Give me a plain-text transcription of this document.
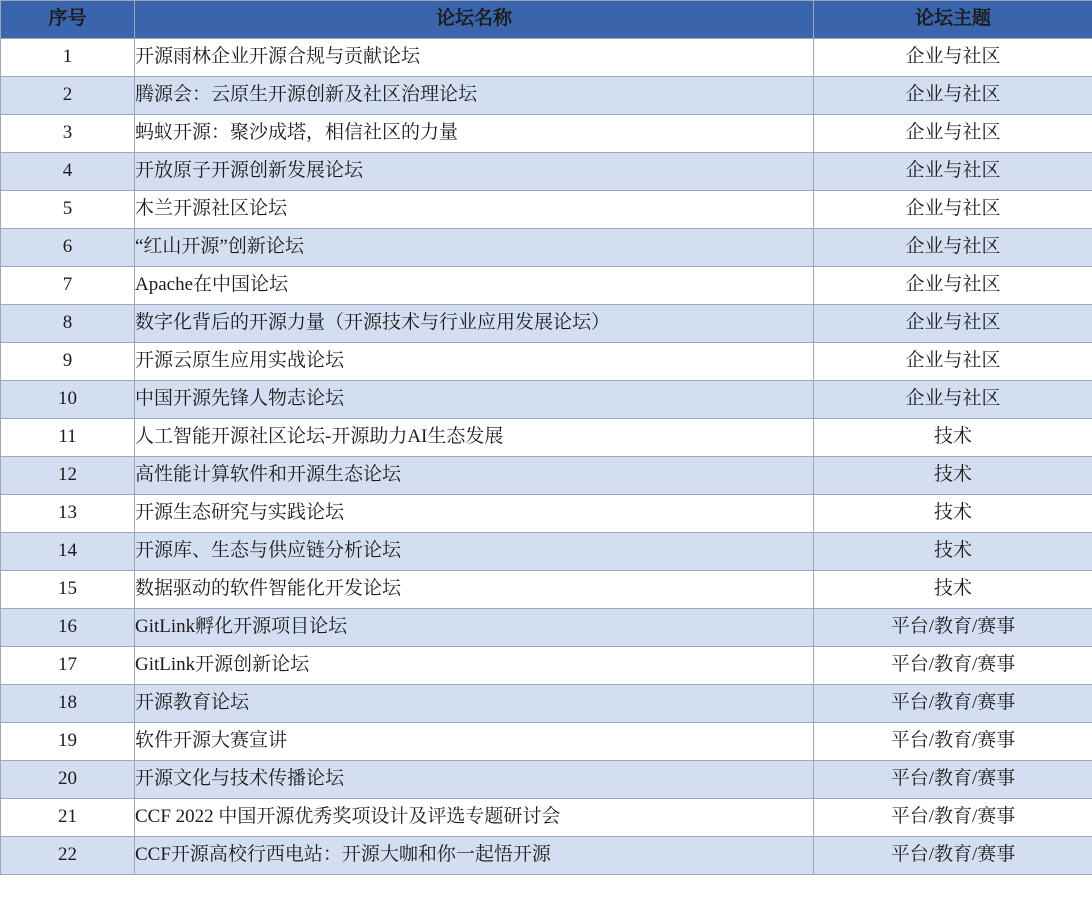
序号	论坛名称	论坛主题
1	开源雨林企业开源合规与贡献论坛	企业与社区
2	腾源会：云原生开源创新及社区治理论坛	企业与社区
3	蚂蚁开源：聚沙成塔，相信社区的力量	企业与社区
4	开放原子开源创新发展论坛	企业与社区
5	木兰开源社区论坛	企业与社区
6	“红山开源”创新论坛	企业与社区
7	Apache在中国论坛	企业与社区
8	数字化背后的开源力量（开源技术与行业应用发展论坛）	企业与社区
9	开源云原生应用实战论坛	企业与社区
10	中国开源先锋人物志论坛	企业与社区
11	人工智能开源社区论坛-开源助力AI生态发展	技术
12	高性能计算软件和开源生态论坛	技术
13	开源生态研究与实践论坛	技术
14	开源库、生态与供应链分析论坛	技术
15	数据驱动的软件智能化开发论坛	技术
16	GitLink孵化开源项目论坛	平台/教育/赛事
17	GitLink开源创新论坛	平台/教育/赛事
18	开源教育论坛	平台/教育/赛事
19	软件开源大赛宣讲	平台/教育/赛事
20	开源文化与技术传播论坛	平台/教育/赛事
21	CCF 2022 中国开源优秀奖项设计及评选专题研讨会	平台/教育/赛事
22	CCF开源高校行西电站：开源大咖和你一起悟开源	平台/教育/赛事
